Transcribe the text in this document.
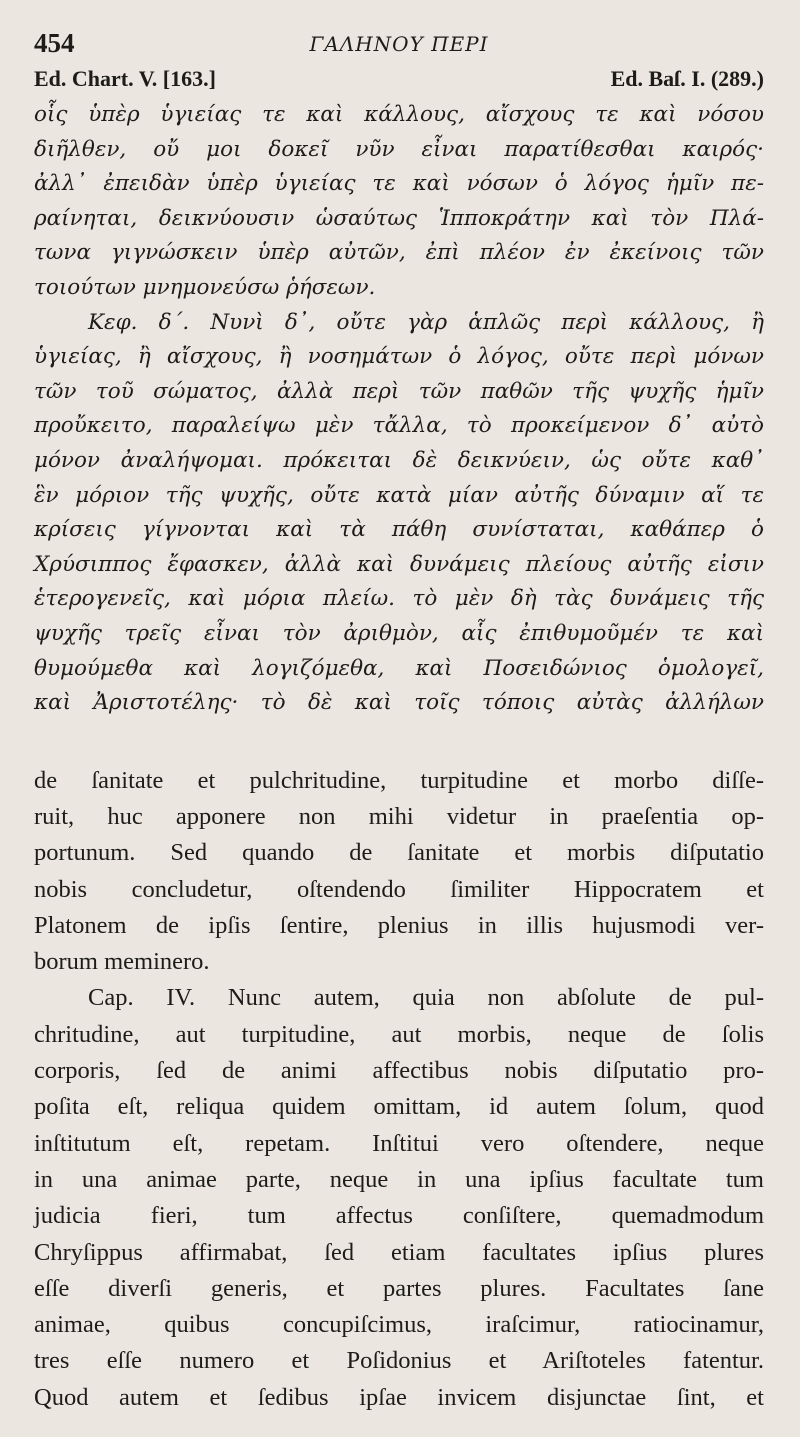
454	ΓΑΛΗΝΟΥ ΠΕΡΙ
Ed. Chart. V. [163.]	Ed. Baſ. I. (289.)

οἷς ὑπὲρ ὑγιείας τε καὶ κάλλους, αἴσχους τε καὶ νόσου
διῆλθεν, οὔ μοι δοκεῖ νῦν εἶναι παρατίθεσθαι καιρός·
ἀλλ᾽ ἐπειδὰν ὑπὲρ ὑγιείας τε καὶ νόσων ὁ λόγος ἡμῖν πε-
ραίνηται, δεικνύουσιν ὡσαύτως Ἱπποκράτην καὶ τὸν Πλά-
τωνα γιγνώσκειν ὑπὲρ αὐτῶν, ἐπὶ πλέον ἐν ἐκείνοις τῶν
τοιούτων μνημονεύσω ῥήσεων.

Κεφ. δ΄. Νυνὶ δ᾽, οὔτε γὰρ ἁπλῶς περὶ κάλλους, ἢ
ὑγιείας, ἢ αἴσχους, ἢ νοσημάτων ὁ λόγος, οὔτε περὶ μόνων
τῶν τοῦ σώματος, ἀλλὰ περὶ τῶν παθῶν τῆς ψυχῆς ἡμῖν
προὔκειτο, παραλείψω μὲν τἄλλα, τὸ προκείμενον δ᾽ αὐτὸ
μόνον ἀναλήψομαι. πρόκειται δὲ δεικνύειν, ὡς οὔτε καθ᾽
ἓν μόριον τῆς ψυχῆς, οὔτε κατὰ μίαν αὐτῆς δύναμιν αἵ τε
κρίσεις γίγνονται καὶ τὰ πάθη συνίσταται, καθάπερ ὁ
Χρύσιππος ἔφασκεν, ἀλλὰ καὶ δυνάμεις πλείους αὐτῆς εἰσιν
ἑτερογενεῖς, καὶ μόρια πλείω. τὸ μὲν δὴ τὰς δυνάμεις τῆς
ψυχῆς τρεῖς εἶναι τὸν ἀριθμὸν, αἷς ἐπιθυμοῦμέν τε καὶ
θυμούμεθα καὶ λογιζόμεθα, καὶ Ποσειδώνιος ὁμολογεῖ,
καὶ Ἀριστοτέλης· τὸ δὲ καὶ τοῖς τόποις αὐτὰς ἀλλήλων

de ſanitate et pulchritudine, turpitudine et morbo diſſe-
ruit, huc apponere non mihi videtur in praeſentia op-
portunum. Sed quando de ſanitate et morbis diſputatio
nobis concludetur, oſtendendo ſimiliter Hippocratem et
Platonem de ipſis ſentire, plenius in illis hujusmodi ver-
borum meminero.

Cap. IV. Nunc autem, quia non abſolute de pul-
chritudine, aut turpitudine, aut morbis, neque de ſolis
corporis, ſed de animi affectibus nobis diſputatio pro-
poſita eſt, reliqua quidem omittam, id autem ſolum, quod
inſtitutum eſt, repetam. Inſtitui vero oſtendere, neque
in una animae parte, neque in una ipſius facultate tum
judicia fieri, tum affectus conſiſtere, quemadmodum
Chryſippus affirmabat, ſed etiam facultates ipſius plures
eſſe diverſi generis, et partes plures. Facultates ſane
animae, quibus concupiſcimus, iraſcimur, ratiocinamur,
tres eſſe numero et Poſidonius et Ariſtoteles fatentur.
Quod autem et ſedibus ipſae invicem disjunctae ſint, et
